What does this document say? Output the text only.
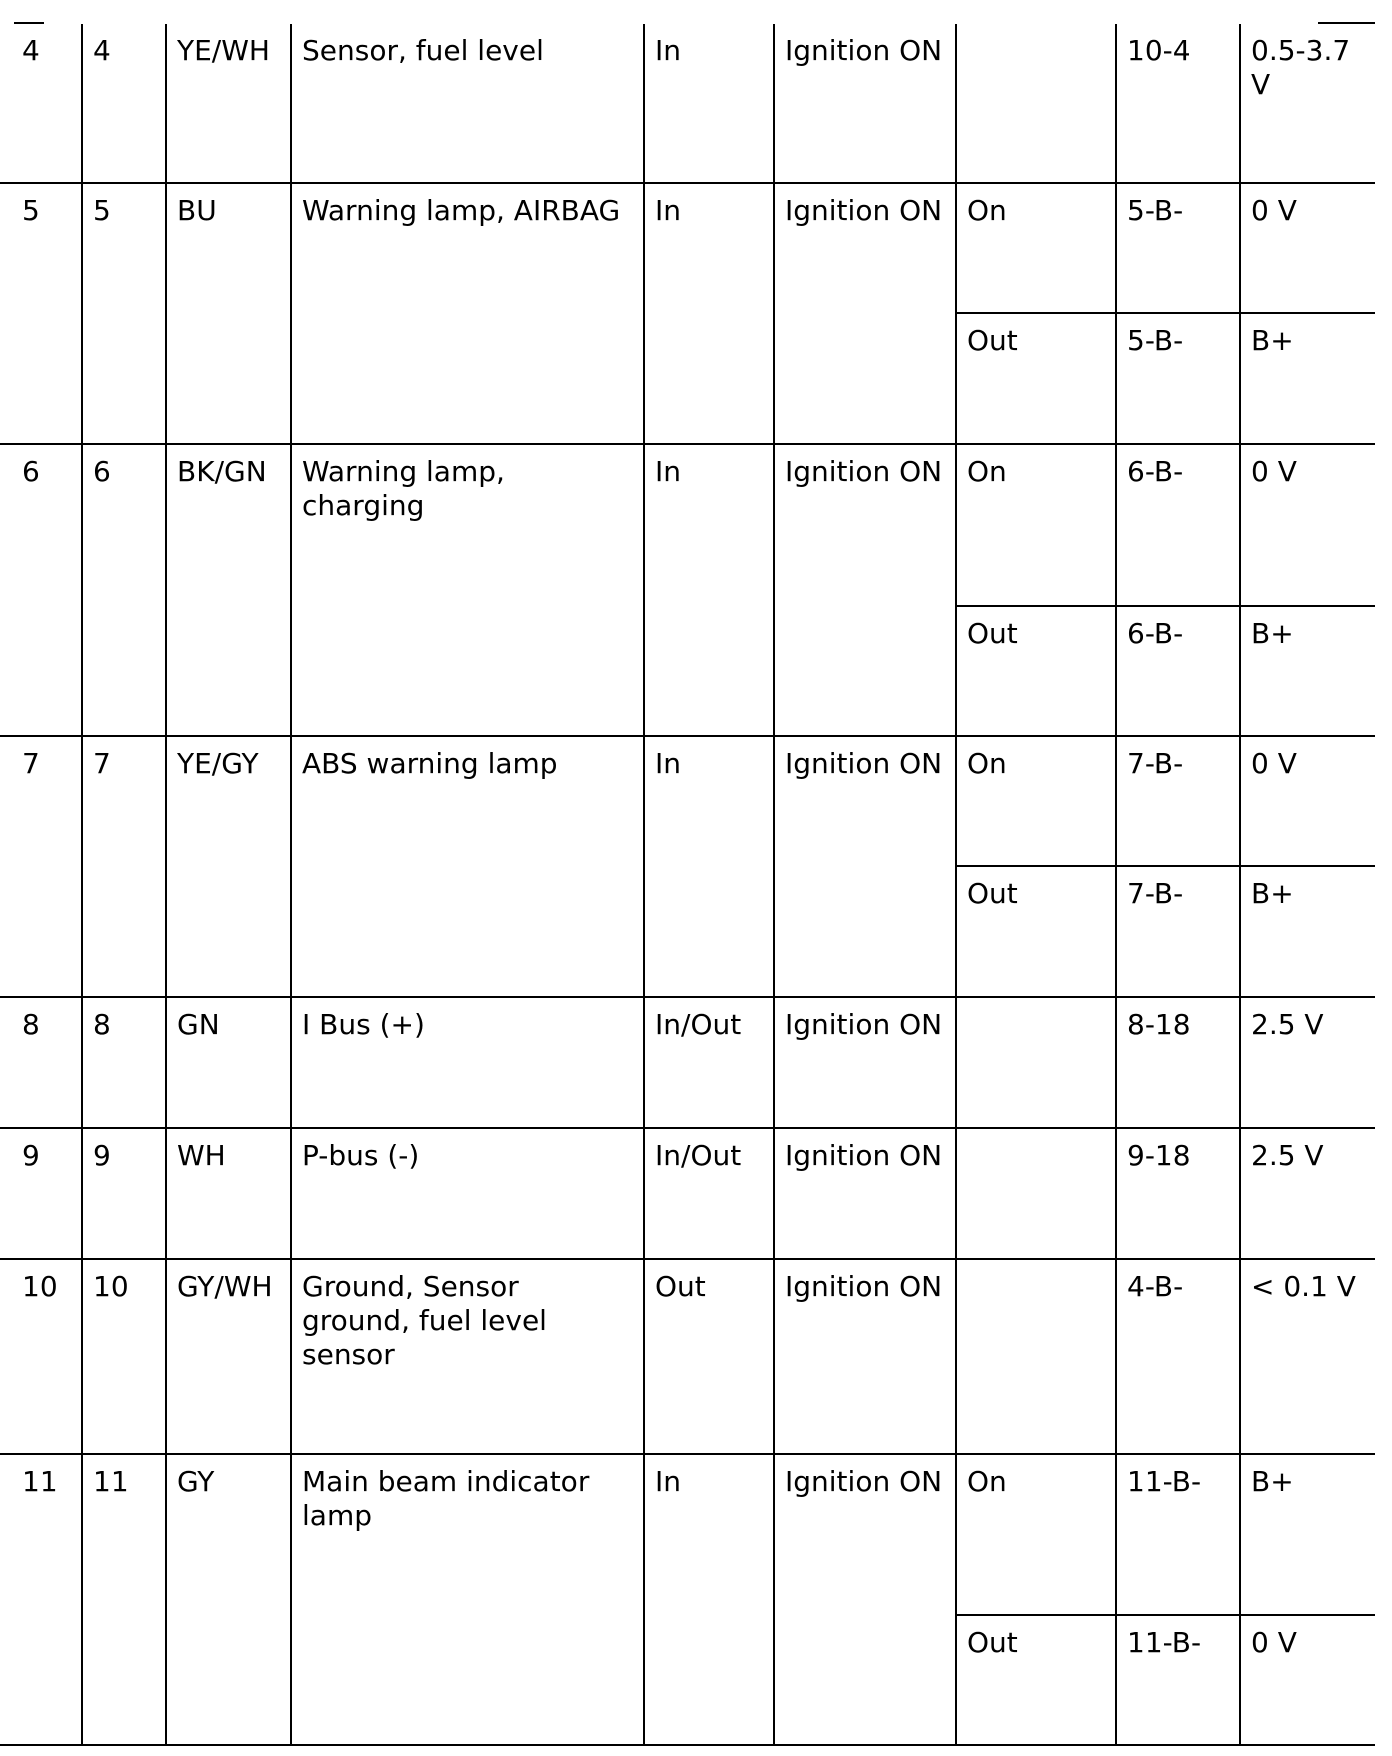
4	4	YE/WH	Sensor, fuel level	In	Ignition ON		10-4	0.5-3.7 V
5	5	BU	Warning lamp, AIRBAG	In	Ignition ON	On	5-B-	0 V
						Out	5-B-	B+
6	6	BK/GN	Warning lamp, charging	In	Ignition ON	On	6-B-	0 V
						Out	6-B-	B+
7	7	YE/GY	ABS warning lamp	In	Ignition ON	On	7-B-	0 V
						Out	7-B-	B+
8	8	GN	I Bus (+)	In/Out	Ignition ON		8-18	2.5 V
9	9	WH	P-bus (-)	In/Out	Ignition ON		9-18	2.5 V
10	10	GY/WH	Ground, Sensor ground, fuel level sensor	Out	Ignition ON		4-B-	< 0.1 V
11	11	GY	Main beam indicator lamp	In	Ignition ON	On	11-B-	B+
						Out	11-B-	0 V
